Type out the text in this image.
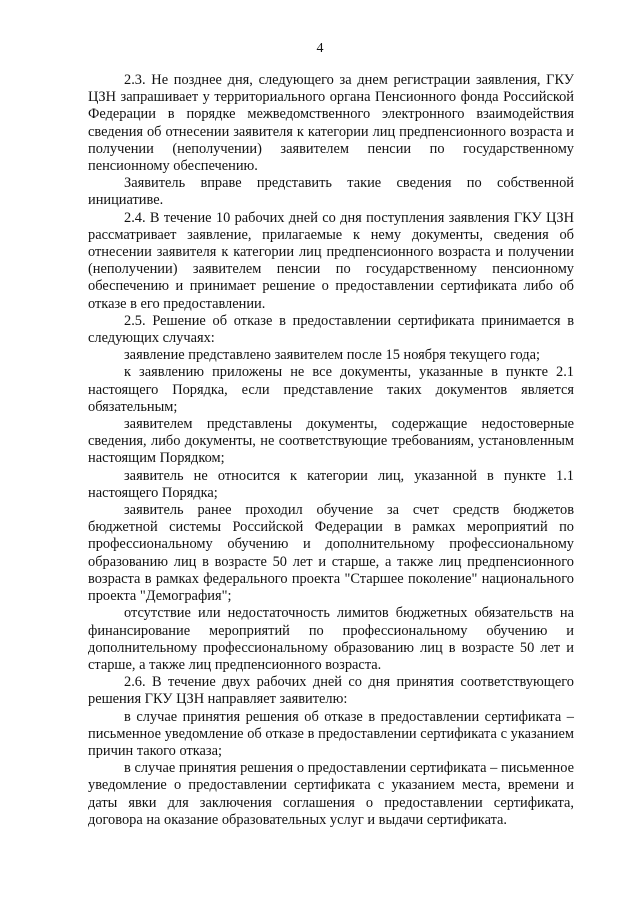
4

2.3. Не позднее дня, следующего за днем регистрации заявления, ГКУ ЦЗН запрашивает у территориального органа Пенсионного фонда Российской Федерации в порядке межведомственного электронного взаимодействия сведения об отнесении заявителя к категории лиц предпенсионного возраста и получении (неполучении) заявителем пенсии по государственному пенсионному обеспечению.

Заявитель вправе представить такие сведения по собственной инициативе.

2.4. В течение 10 рабочих дней со дня поступления заявления ГКУ ЦЗН рассматривает заявление, прилагаемые к нему документы, сведения об отнесении заявителя к категории лиц предпенсионного возраста и получении (неполучении) заявителем пенсии по государственному пенсионному обеспечению и принимает решение о предоставлении сертификата либо об отказе в его предоставлении.

2.5. Решение об отказе в предоставлении сертификата принимается в следующих случаях:

заявление представлено заявителем после 15 ноября текущего года;

к заявлению приложены не все документы, указанные в пункте 2.1 настоящего Порядка, если представление таких документов является обязательным;

заявителем представлены документы, содержащие недостоверные сведения, либо документы, не соответствующие требованиям, установленным настоящим Порядком;

заявитель не относится к категории лиц, указанной в пункте 1.1 настоящего Порядка;

заявитель ранее проходил обучение за счет средств бюджетов бюджетной системы Российской Федерации в рамках мероприятий по профессиональному обучению и дополнительному профессиональному образованию лиц в возрасте 50 лет и старше, а также лиц предпенсионного возраста в рамках федерального проекта "Старшее поколение" национального проекта "Демография";

отсутствие или недостаточность лимитов бюджетных обязательств на финансирование мероприятий по профессиональному обучению и дополнительному профессиональному образованию лиц в возрасте 50 лет и старше, а также лиц предпенсионного возраста.

2.6. В течение двух рабочих дней со дня принятия соответствующего решения ГКУ ЦЗН направляет заявителю:

в случае принятия решения об отказе в предоставлении сертификата – письменное уведомление об отказе в предоставлении сертификата с указанием причин такого отказа;

в случае принятия решения о предоставлении сертификата – письменное уведомление о предоставлении сертификата с указанием места, времени и даты явки для заключения соглашения о предоставлении сертификата, договора на оказание образовательных услуг и выдачи сертификата.
